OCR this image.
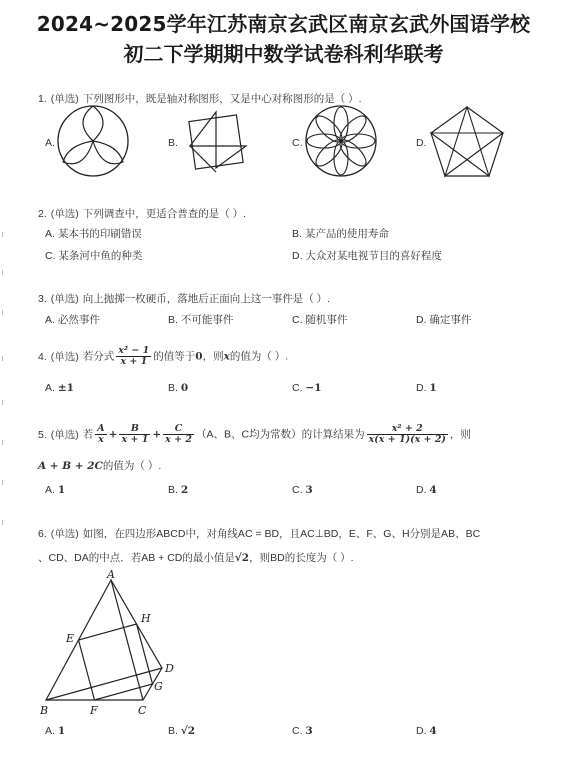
2024~2025学年江苏南京玄武区南京玄武外国语学校
初二下学期期中数学试卷科利华联考
1. (单选) 下列图形中，既是轴对称图形，又是中心对称图形的是（ ）.
A.	B.	C.	D.
2. (单选) 下列调查中，更适合普查的是（ ）.
A. 某本书的印刷错误	B. 某产品的使用寿命
C. 某条河中鱼的种类	D. 大众对某电视节目的喜好程度
3. (单选) 向上抛掷一枚硬币，落地后正面向上这一事件是（ ）.
A. 必然事件	B. 不可能事件	C. 随机事件	D. 确定事件
4. (单选) 若分式 $\frac{\text{x² − 1}}{x + 1}$ 的值等于0，则x的值为（ ）.
A. ±1	B. 0	C. −1	D. 1
5. (单选) 若 $\frac{A}{x} + \frac{B}{x + 1} + \frac{C}{x + 2} (A$、B、C均为常数）的计算结果为 $\frac{\text{x² + 2}}{x(x + 1)(x + 2)}$ ，则
A + B + 2C的值为（ ）.
A. 1	B. 2	C. 3	D. 4
6. (单选) 如图，在四边形ABCD中，对角线AC = BD，且AC⊥BD，E、F、G、H分别是AB、BC
、CD、DA的中点．若AB + CD的最小值是√2，则BD的长度为（ ）.
A
H
E
D
G
B	F	C
A. 1	B. √2	C. 3	D. 4
